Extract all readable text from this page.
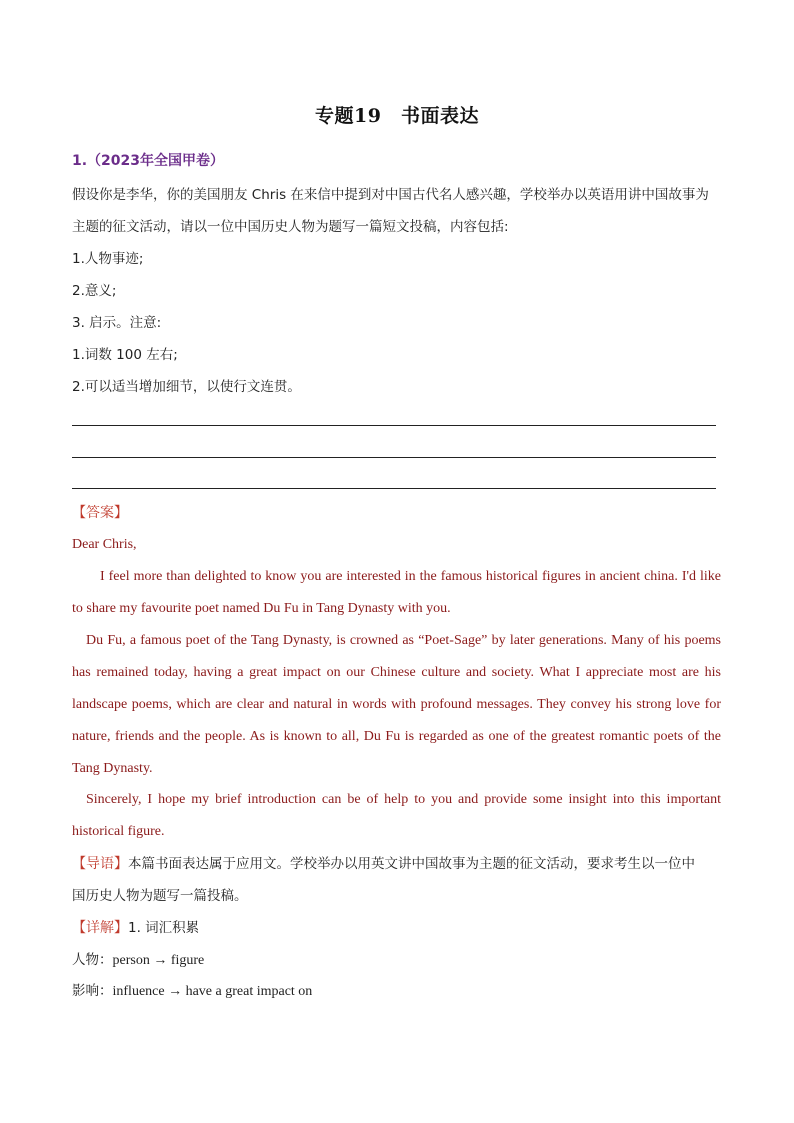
专题19　书面表达
1.（2023年全国甲卷）
假设你是李华，你的美国朋友 Chris 在来信中提到对中国古代名人感兴趣，学校举办以英语用讲中国故事为
主题的征文活动，请以一位中国历史人物为题写一篇短文投稿，内容包括:
1.人物事迹;
2.意义;
3. 启示。注意:
1.词数 100 左右;
2.可以适当增加细节，以使行文连贯。
【答案】
Dear Chris,
I feel more than delighted to know you are interested in the famous historical figures in ancient china. I'd like
to share my favourite poet named Du Fu in Tang Dynasty with you.
Du Fu, a famous poet of the Tang Dynasty, is crowned as “Poet-Sage” by later generations. Many of his poems
has remained today, having a great impact on our Chinese culture and society. What I appreciate most are his
landscape poems, which are clear and natural in words with profound messages. They convey his strong love for
nature, friends and the people. As is known to all, Du Fu is regarded as one of the greatest romantic poets of the
Tang Dynasty.
Sincerely, I hope my brief introduction can be of help to you and provide some insight into this important
historical figure.
【导语】本篇书面表达属于应用文。学校举办以用英文讲中国故事为主题的征文活动，要求考生以一位中
国历史人物为题写一篇投稿。
【详解】1. 词汇积累
人物：person → figure
影响：influence → have a great impact on
